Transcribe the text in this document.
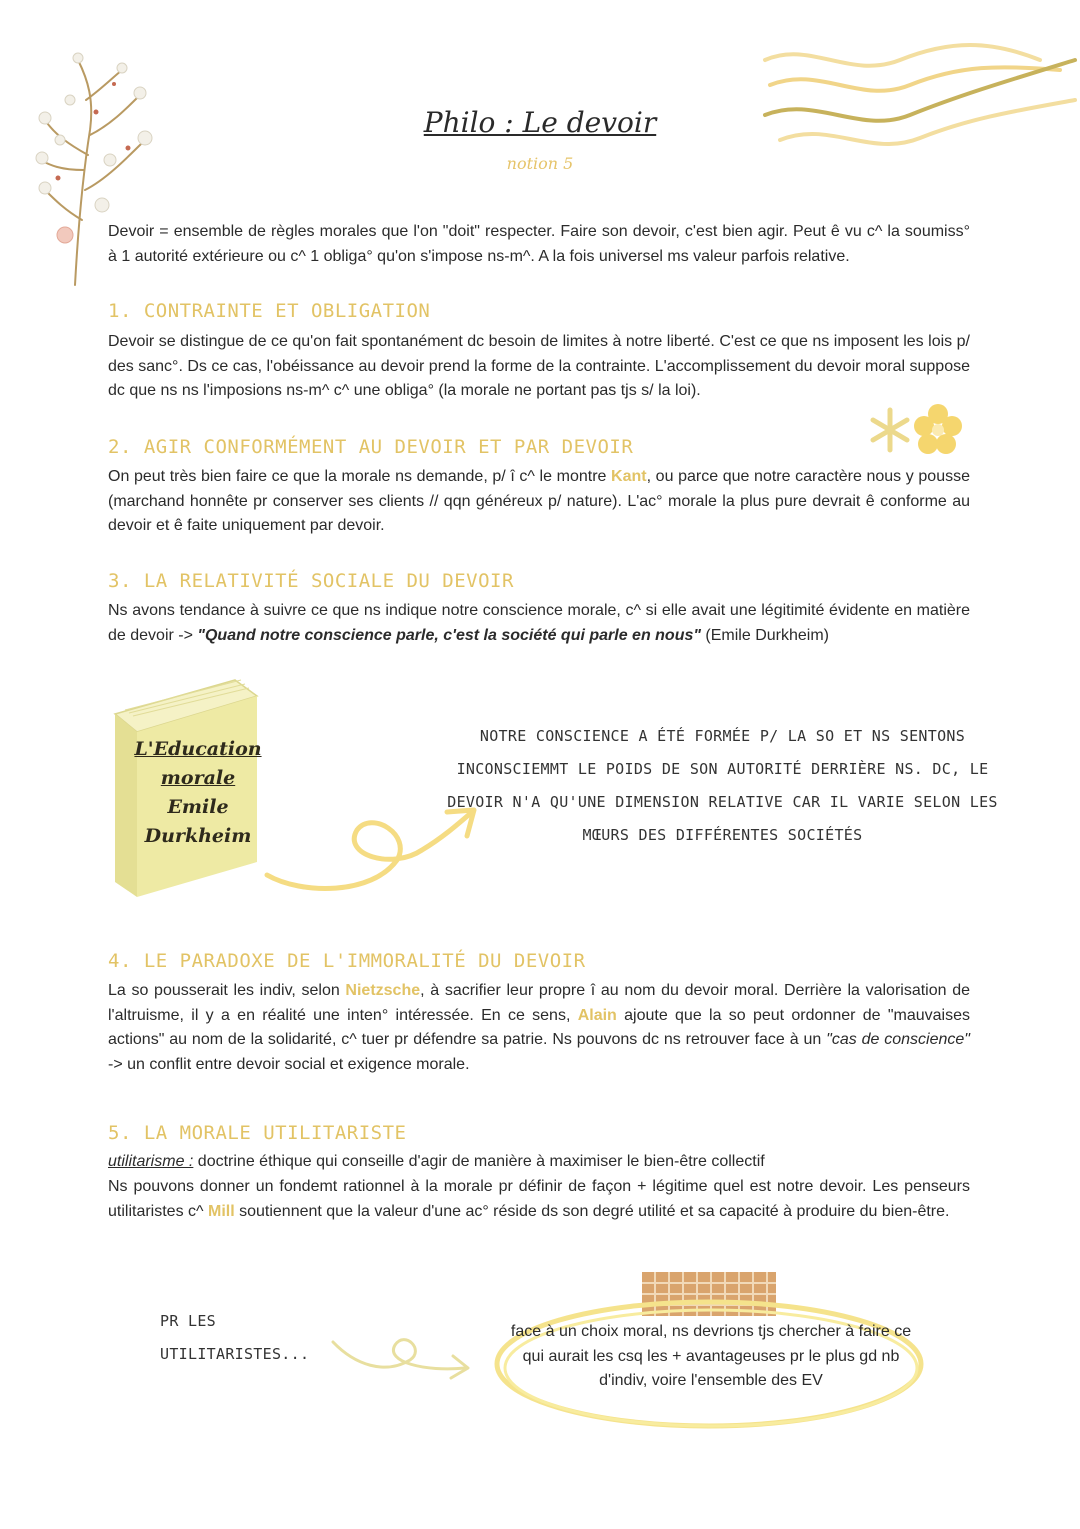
Philo : Le devoir
notion 5
Devoir = ensemble de règles morales que l'on "doit" respecter. Faire son devoir, c'est bien agir. Peut ê vu c^ la soumiss° à 1 autorité extérieure ou c^ 1 obliga° qu'on s'impose ns-m^. A la fois universel ms valeur parfois relative.
1. CONTRAINTE ET OBLIGATION
Devoir se distingue de ce qu'on fait spontanément dc besoin de limites à notre liberté. C'est ce que ns imposent les lois p/ des sanc°. Ds ce cas, l'obéissance au devoir prend la forme de la contrainte. L'accomplissement du devoir moral suppose dc que ns ns l'imposions ns-m^ c^ une obliga° (la morale ne portant pas tjs s/ la loi).
2. AGIR CONFORMÉMENT AU DEVOIR ET PAR DEVOIR
On peut très bien faire ce que la morale ns demande, p/ î c^ le montre Kant, ou parce que notre caractère nous y pousse (marchand honnête pr conserver ses clients // qqn généreux p/ nature). L'ac° morale la plus pure devrait ê conforme au devoir et ê faite uniquement par devoir.
3. LA RELATIVITÉ SOCIALE DU DEVOIR
Ns avons tendance à suivre ce que ns indique notre conscience morale, c^ si elle avait une légitimité évidente en matière de devoir -> "Quand notre conscience parle, c'est la société qui parle en nous" (Emile Durkheim)
L'Education
morale
Emile
Durkheim
NOTRE CONSCIENCE A ÉTÉ FORMÉE P/ LA SO ET NS SENTONS INCONSCIEMMT LE POIDS DE SON AUTORITÉ DERRIÈRE NS. DC, LE DEVOIR N'A QU'UNE DIMENSION RELATIVE CAR IL VARIE SELON LES MŒURS DES DIFFÉRENTES SOCIÉTÉS
4. LE PARADOXE DE L'IMMORALITÉ DU DEVOIR
La so pousserait les indiv, selon Nietzsche, à sacrifier leur propre î au nom du devoir moral. Derrière la valorisation de l'altruisme, il y a en réalité une inten° intéressée. En ce sens, Alain ajoute que la so peut ordonner de "mauvaises actions" au nom de la solidarité, c^ tuer pr défendre sa patrie. Ns pouvons dc ns retrouver face à un "cas de conscience" -> un conflit entre devoir social et exigence morale.
5. LA MORALE UTILITARISTE
utilitarisme : doctrine éthique qui conseille d'agir de manière à maximiser le bien-être collectif
Ns pouvons donner un fondemt rationnel à la morale pr définir de façon + légitime quel est notre devoir. Les penseurs utilitaristes c^ Mill soutiennent que la valeur d'une ac° réside ds son degré utilité et sa capacité à produire du bien-être.
PR LES UTILITARISTES...
face à un choix moral, ns devrions tjs chercher à faire ce qui aurait les csq les + avantageuses pr le plus gd nb d'indiv, voire l'ensemble des EV
